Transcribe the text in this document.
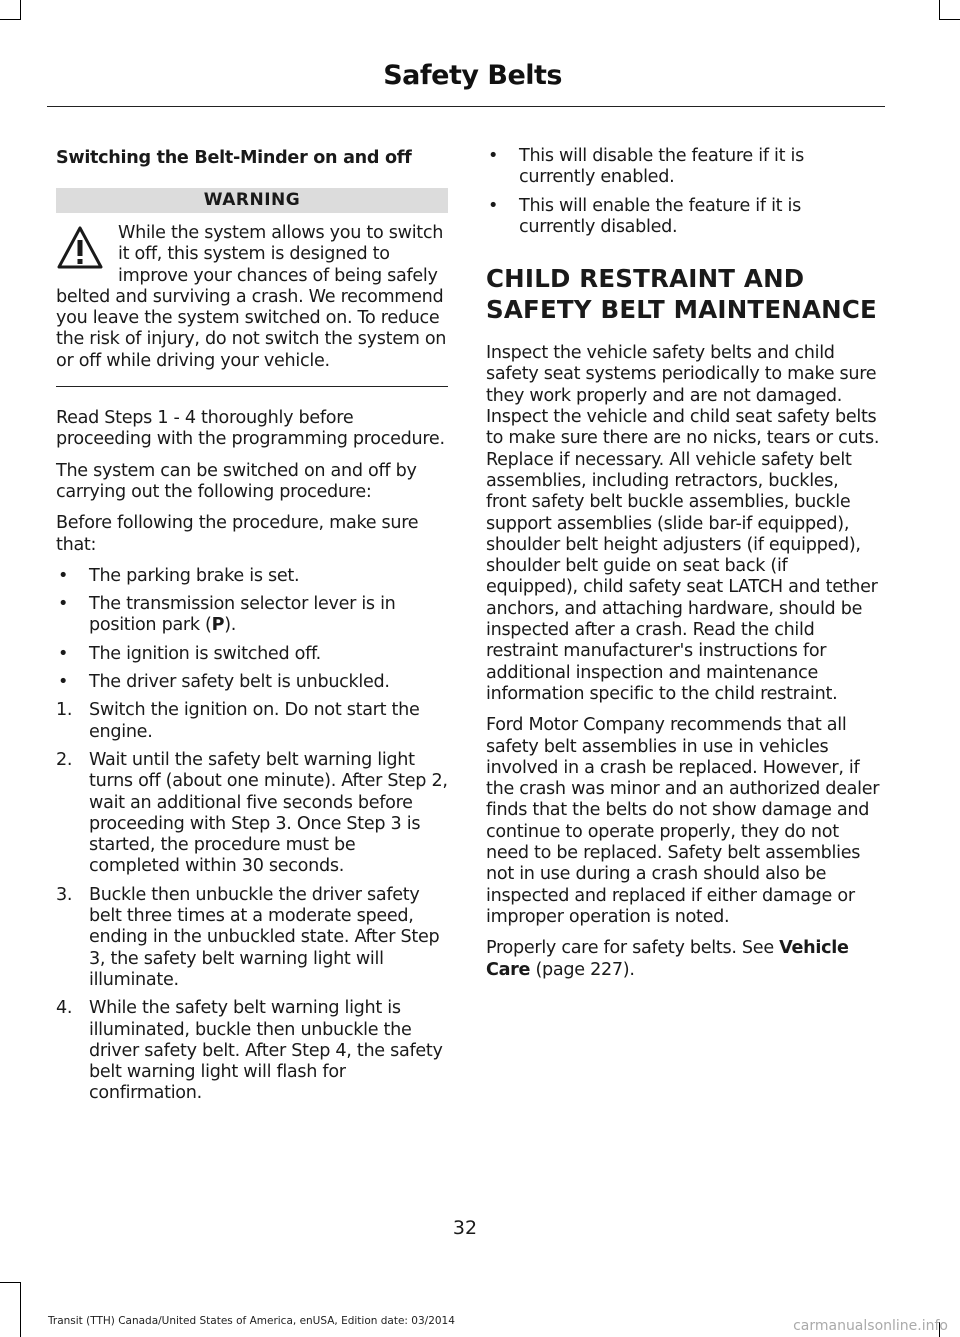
Safety Belts
Switching the Belt-Minder on and off
WARNING

While the system allows you to switch it off, this system is designed to improve your chances of being safely belted and surviving a crash. We recommend you leave the system switched on. To reduce the risk of injury, do not switch the system on or off while driving your vehicle.

Read Steps 1 - 4 thoroughly before proceeding with the programming procedure.

The system can be switched on and off by carrying out the following procedure:

Before following the procedure, make sure that:

• The parking brake is set.
• The transmission selector lever is in position park (P).
• The ignition is switched off.
• The driver safety belt is unbuckled.
1. Switch the ignition on. Do not start the engine.
2. Wait until the safety belt warning light turns off (about one minute). After Step 2, wait an additional five seconds before proceeding with Step 3. Once Step 3 is started, the procedure must be completed within 30 seconds.
3. Buckle then unbuckle the driver safety belt three times at a moderate speed, ending in the unbuckled state. After Step 3, the safety belt warning light will illuminate.
4. While the safety belt warning light is illuminated, buckle then unbuckle the driver safety belt. After Step 4, the safety belt warning light will flash for confirmation.
• This will disable the feature if it is currently enabled.
• This will enable the feature if it is currently disabled.
CHILD RESTRAINT AND
SAFETY BELT MAINTENANCE

Inspect the vehicle safety belts and child safety seat systems periodically to make sure they work properly and are not damaged. Inspect the vehicle and child seat safety belts to make sure there are no nicks, tears or cuts. Replace if necessary. All vehicle safety belt assemblies, including retractors, buckles, front safety belt buckle assemblies, buckle support assemblies (slide bar-if equipped), shoulder belt height adjusters (if equipped), shoulder belt guide on seat back (if equipped), child safety seat LATCH and tether anchors, and attaching hardware, should be inspected after a crash. Read the child restraint manufacturer's instructions for additional inspection and maintenance information specific to the child restraint.

Ford Motor Company recommends that all safety belt assemblies in use in vehicles involved in a crash be replaced. However, if the crash was minor and an authorized dealer finds that the belts do not show damage and continue to operate properly, they do not need to be replaced. Safety belt assemblies not in use during a crash should also be inspected and replaced if either damage or improper operation is noted.

Properly care for safety belts. See Vehicle Care (page 227).

32
Transit (TTH) Canada/United States of America, enUSA, Edition date: 03/2014	carmanualsonline.info
